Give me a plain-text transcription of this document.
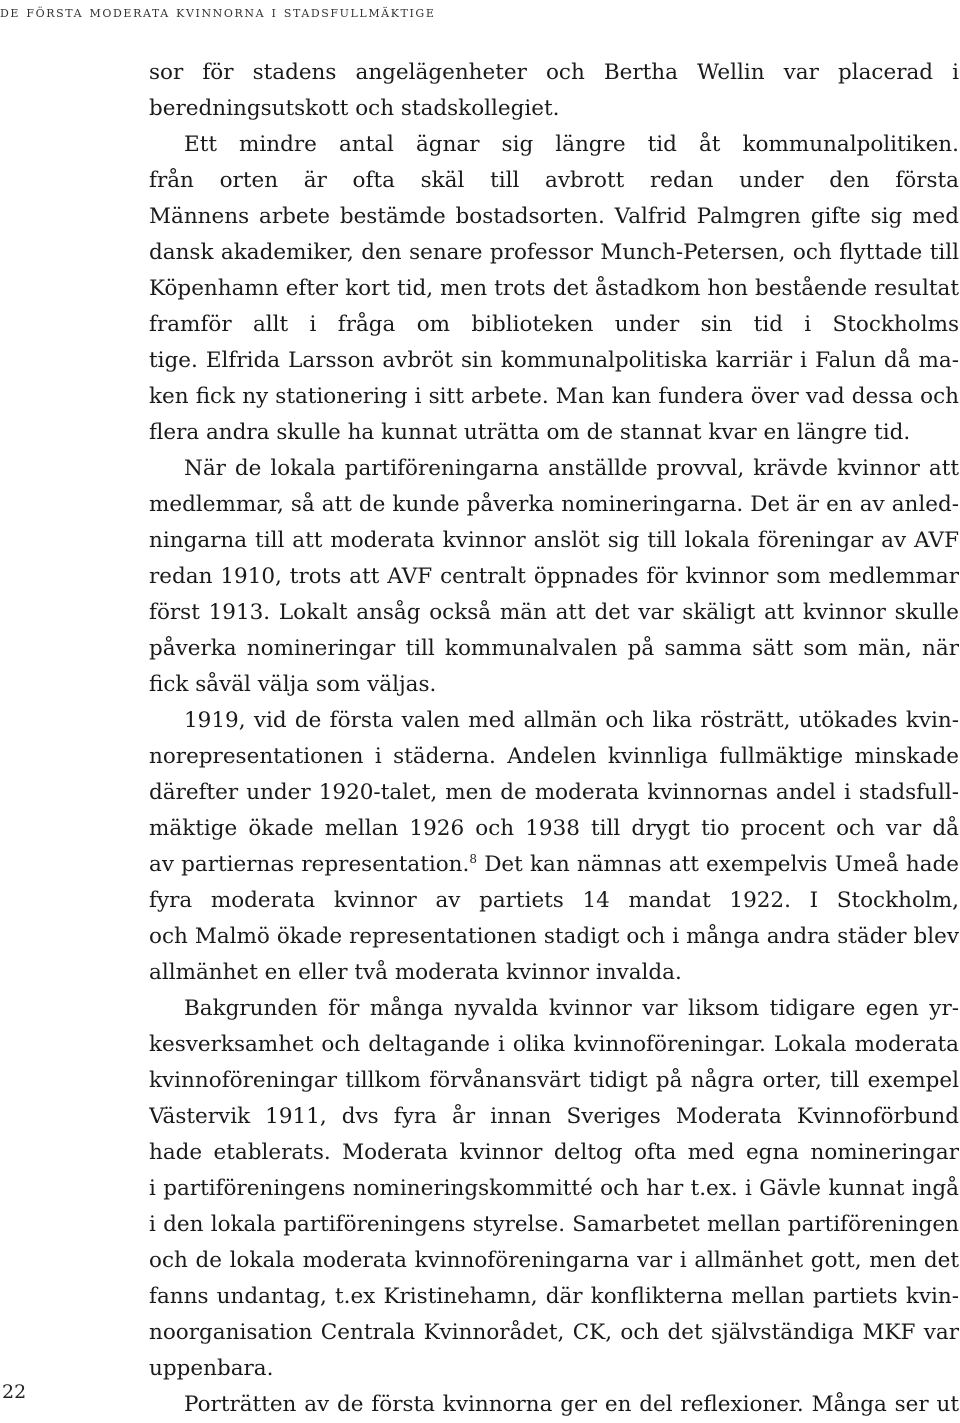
de första moderata kvinnorna i stadsfullmäktige
sor för stadens angelägenheter och Bertha Wellin var placerad i
beredningsutskott och stadskollegiet.
Ett mindre antal ägnar sig längre tid åt kommunalpolitiken.
från orten är ofta skäl till avbrott redan under den första
Männens arbete bestämde bostadsorten. Valfrid Palmgren gifte sig med
dansk akademiker, den senare professor Munch-Petersen, och flyttade till
Köpenhamn efter kort tid, men trots det åstadkom hon bestående resultat
framför allt i fråga om biblioteken under sin tid i Stockholms
tige. Elfrida Larsson avbröt sin kommunalpolitiska karriär i Falun då ma-
ken fick ny stationering i sitt arbete. Man kan fundera över vad dessa och
flera andra skulle ha kunnat uträtta om de stannat kvar en längre tid.
När de lokala partiföreningarna anställde provval, krävde kvinnor att
medlemmar, så att de kunde påverka nomineringarna. Det är en av anled-
ningarna till att moderata kvinnor anslöt sig till lokala föreningar av AVF
redan 1910, trots att AVF centralt öppnades för kvinnor som medlemmar
först 1913. Lokalt ansåg också män att det var skäligt att kvinnor skulle
påverka nomineringar till kommunalvalen på samma sätt som män, när
fick såväl välja som väljas.
1919, vid de första valen med allmän och lika rösträtt, utökades kvin-
norepresentationen i städerna. Andelen kvinnliga fullmäktige minskade
därefter under 1920-talet, men de moderata kvinnornas andel i stadsfull-
mäktige ökade mellan 1926 och 1938 till drygt tio procent och var då
av partiernas representation.$^8$ Det kan nämnas att exempelvis Umeå hade
fyra moderata kvinnor av partiets 14 mandat 1922. I Stockholm,
och Malmö ökade representationen stadigt och i många andra städer blev
allmänhet en eller två moderata kvinnor invalda.
Bakgrunden för många nyvalda kvinnor var liksom tidigare egen yr-
kesverksamhet och deltagande i olika kvinnoföreningar. Lokala moderata
kvinnoföreningar tillkom förvånansvärt tidigt på några orter, till exempel
Västervik 1911, dvs fyra år innan Sveriges Moderata Kvinnoförbund
hade etablerats. Moderata kvinnor deltog ofta med egna nomineringar
i partiföreningens nomineringskommitté och har t.ex. i Gävle kunnat ingå
i den lokala partiföreningens styrelse. Samarbetet mellan partiföreningen
och de lokala moderata kvinnoföreningarna var i allmänhet gott, men det
fanns undantag, t.ex Kristinehamn, där konflikterna mellan partiets kvin-
noorganisation Centrala Kvinnorådet, CK, och det självständiga MKF var
uppenbara.
Porträtten av de första kvinnorna ger en del reflexioner. Många ser ut
22
